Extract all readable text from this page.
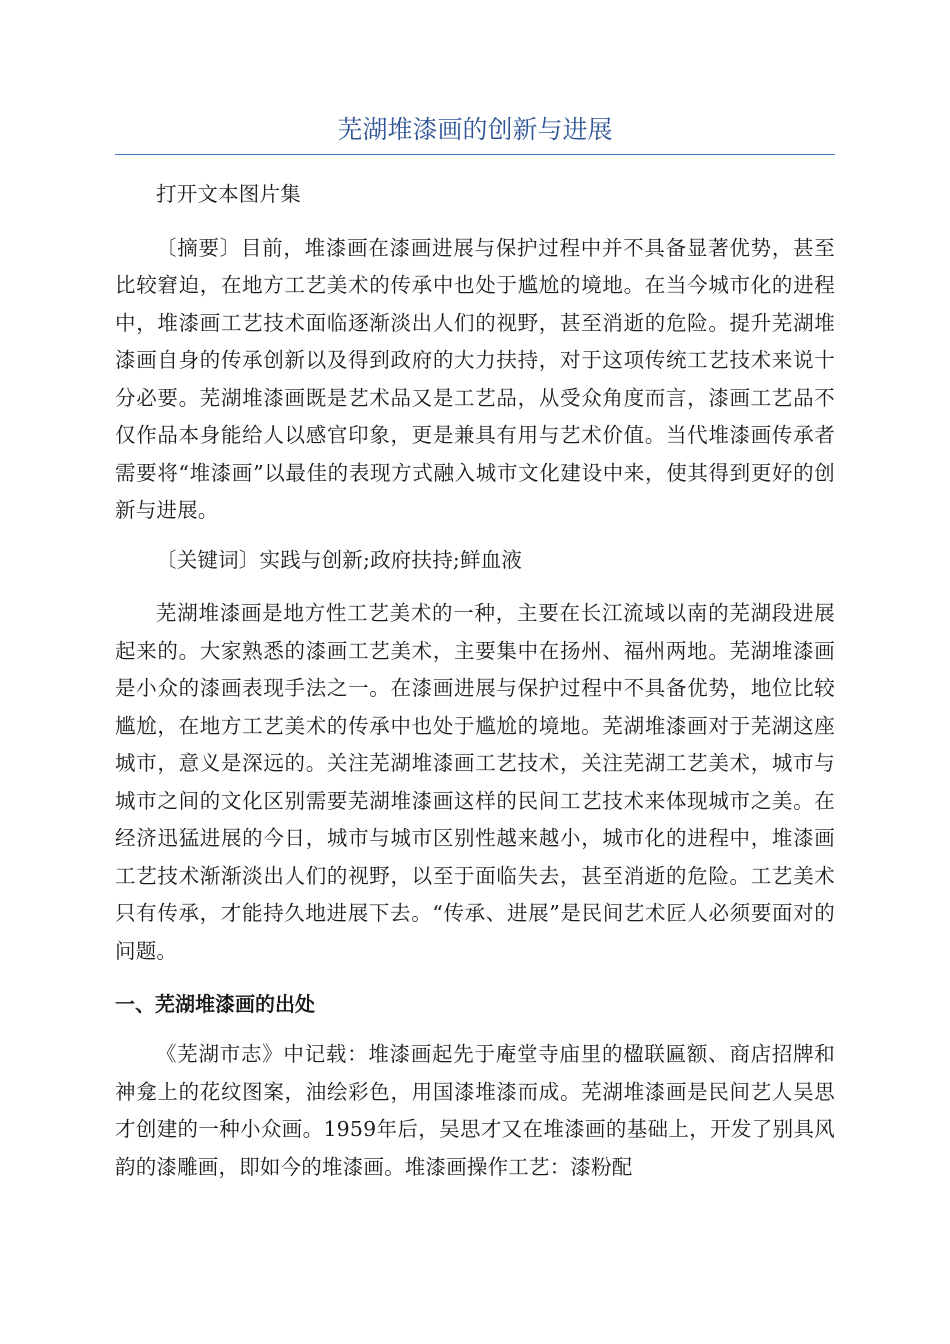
芜湖堆漆画的创新与进展

打开文本图片集

〔摘要〕目前，堆漆画在漆画进展与保护过程中并不具备显著优势，甚至比较窘迫，在地方工艺美术的传承中也处于尴尬的境地。在当今城市化的进程中，堆漆画工艺技术面临逐渐淡出人们的视野，甚至消逝的危险。提升芜湖堆漆画自身的传承创新以及得到政府的大力扶持，对于这项传统工艺技术来说十分必要。芜湖堆漆画既是艺术品又是工艺品，从受众角度而言，漆画工艺品不仅作品本身能给人以感官印象，更是兼具有用与艺术价值。当代堆漆画传承者需要将“堆漆画”以最佳的表现方式融入城市文化建设中来，使其得到更好的创新与进展。

〔关键词〕实践与创新;政府扶持;鲜血液

芜湖堆漆画是地方性工艺美术的一种，主要在长江流域以南的芜湖段进展起来的。大家熟悉的漆画工艺美术，主要集中在扬州、福州两地。芜湖堆漆画是小众的漆画表现手法之一。在漆画进展与保护过程中不具备优势，地位比较尴尬，在地方工艺美术的传承中也处于尴尬的境地。芜湖堆漆画对于芜湖这座城市，意义是深远的。关注芜湖堆漆画工艺技术，关注芜湖工艺美术，城市与城市之间的文化区别需要芜湖堆漆画这样的民间工艺技术来体现城市之美。在经济迅猛进展的今日，城市与城市区别性越来越小，城市化的进程中，堆漆画工艺技术渐渐淡出人们的视野，以至于面临失去，甚至消逝的危险。工艺美术只有传承，才能持久地进展下去。“传承、进展”是民间艺术匠人必须要面对的问题。

一、芜湖堆漆画的出处

《芜湖市志》中记载：堆漆画起先于庵堂寺庙里的楹联匾额、商店招牌和神龛上的花纹图案，油绘彩色，用国漆堆漆而成。芜湖堆漆画是民间艺人吴思才创建的一种小众画。1959年后，吴思才又在堆漆画的基础上，开发了别具风韵的漆雕画，即如今的堆漆画。堆漆画操作工艺：漆粉配
